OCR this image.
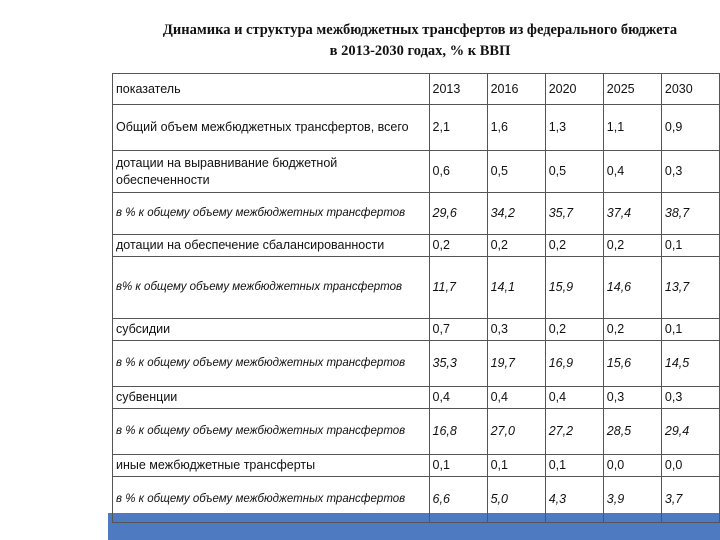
Динамика и структура межбюджетных трансфертов из федерального бюджета
в 2013-2030 годах, % к ВВП
показатель	2013	2016	2020	2025	2030
Общий объем межбюджетных трансфертов, всего	2,1	1,6	1,3	1,1	0,9
дотации на выравнивание бюджетной обеспеченности	0,6	0,5	0,5	0,4	0,3
в % к общему объему межбюджетных трансфертов	29,6	34,2	35,7	37,4	38,7
дотации на обеспечение сбалансированности	0,2	0,2	0,2	0,2	0,1
в% к общему объему межбюджетных трансфертов	11,7	14,1	15,9	14,6	13,7
субсидии	0,7	0,3	0,2	0,2	0,1
в % к общему объему межбюджетных трансфертов	35,3	19,7	16,9	15,6	14,5
субвенции	0,4	0,4	0,4	0,3	0,3
в % к общему объему межбюджетных трансфертов	16,8	27,0	27,2	28,5	29,4
иные межбюджетные трансферты	0,1	0,1	0,1	0,0	0,0
в % к общему объему межбюджетных трансфертов	6,6	5,0	4,3	3,9	3,7
